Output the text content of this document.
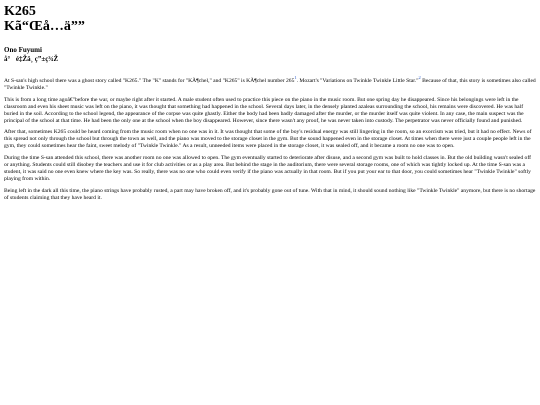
K265
Kã“Œå…ä””
Ono Fuyumi
å°é‡Žä¸ ç”±ç¾Ž

At S-san's high school there was a ghost story called "K265." The "K" stands for "KÃ¶chel," and "K265" is KÃ¶chel number 265$^1$. Mozart's "Variations on Twinkle Twinkle Little Star."$^2$ Because of that, this story is sometimes also called "Twinkle Twinkle."

This is from a long time agoâ€"before the war, or maybe right after it started. A male student often used to practice this piece on the piano in the music room. But one spring day he disappeared. Since his belongings were left in the classroom and even his sheet music was left on the piano, it was thought that something had happened in the school. Several days later, in the densely planted azaleas surrounding the school, his remains were discovered. He was half buried in the soil. According to the school legend, the appearance of the corpse was quite ghastly. Either the body had been badly damaged after the murder, or the murder itself was quite violent. In any case, the main suspect was the principal of the school at that time. He had been the only one at the school when the boy disappeared. However, since there wasn't any proof, he was never taken into custody. The perpetrator was never officially found and punished.

After that, sometimes K265 could be heard coming from the music room when no one was in it. It was thought that some of the boy's residual energy was still lingering in the room, so an exorcism was tried, but it had no effect. News of this spread not only through the school but through the town as well, and the piano was moved to the storage closet in the gym. But the sound happened even in the storage closet. At times when there were just a couple people left in the gym, they could sometimes hear the faint, sweet melody of "Twinkle Twinkle." As a result, unneeded items were placed in the storage closet, it was sealed off, and it became a room no one was to open.

During the time S-san attended this school, there was another room no one was allowed to open. The gym eventually started to deteriorate after disuse, and a second gym was built to hold classes in. But the old building wasn't sealed off or anything. Students could still disobey the teachers and use it for club activities or as a play area. But behind the stage in the auditorium, there were several storage rooms, one of which was tightly locked up. At the time S-san was a student, it was said no one even knew where the key was. So really, there was no one who could even verify if the piano was actually in that room. But if you put your ear to that door, you could sometimes hear "Twinkle Twinkle" softly playing from within.

Being left in the dark all this time, the piano strings have probably rusted, a part may have broken off, and it's probably gone out of tune. With that in mind, it should sound nothing like "Twinkle Twinkle" anymore, but there is no shortage of students claiming that they have heard it.
